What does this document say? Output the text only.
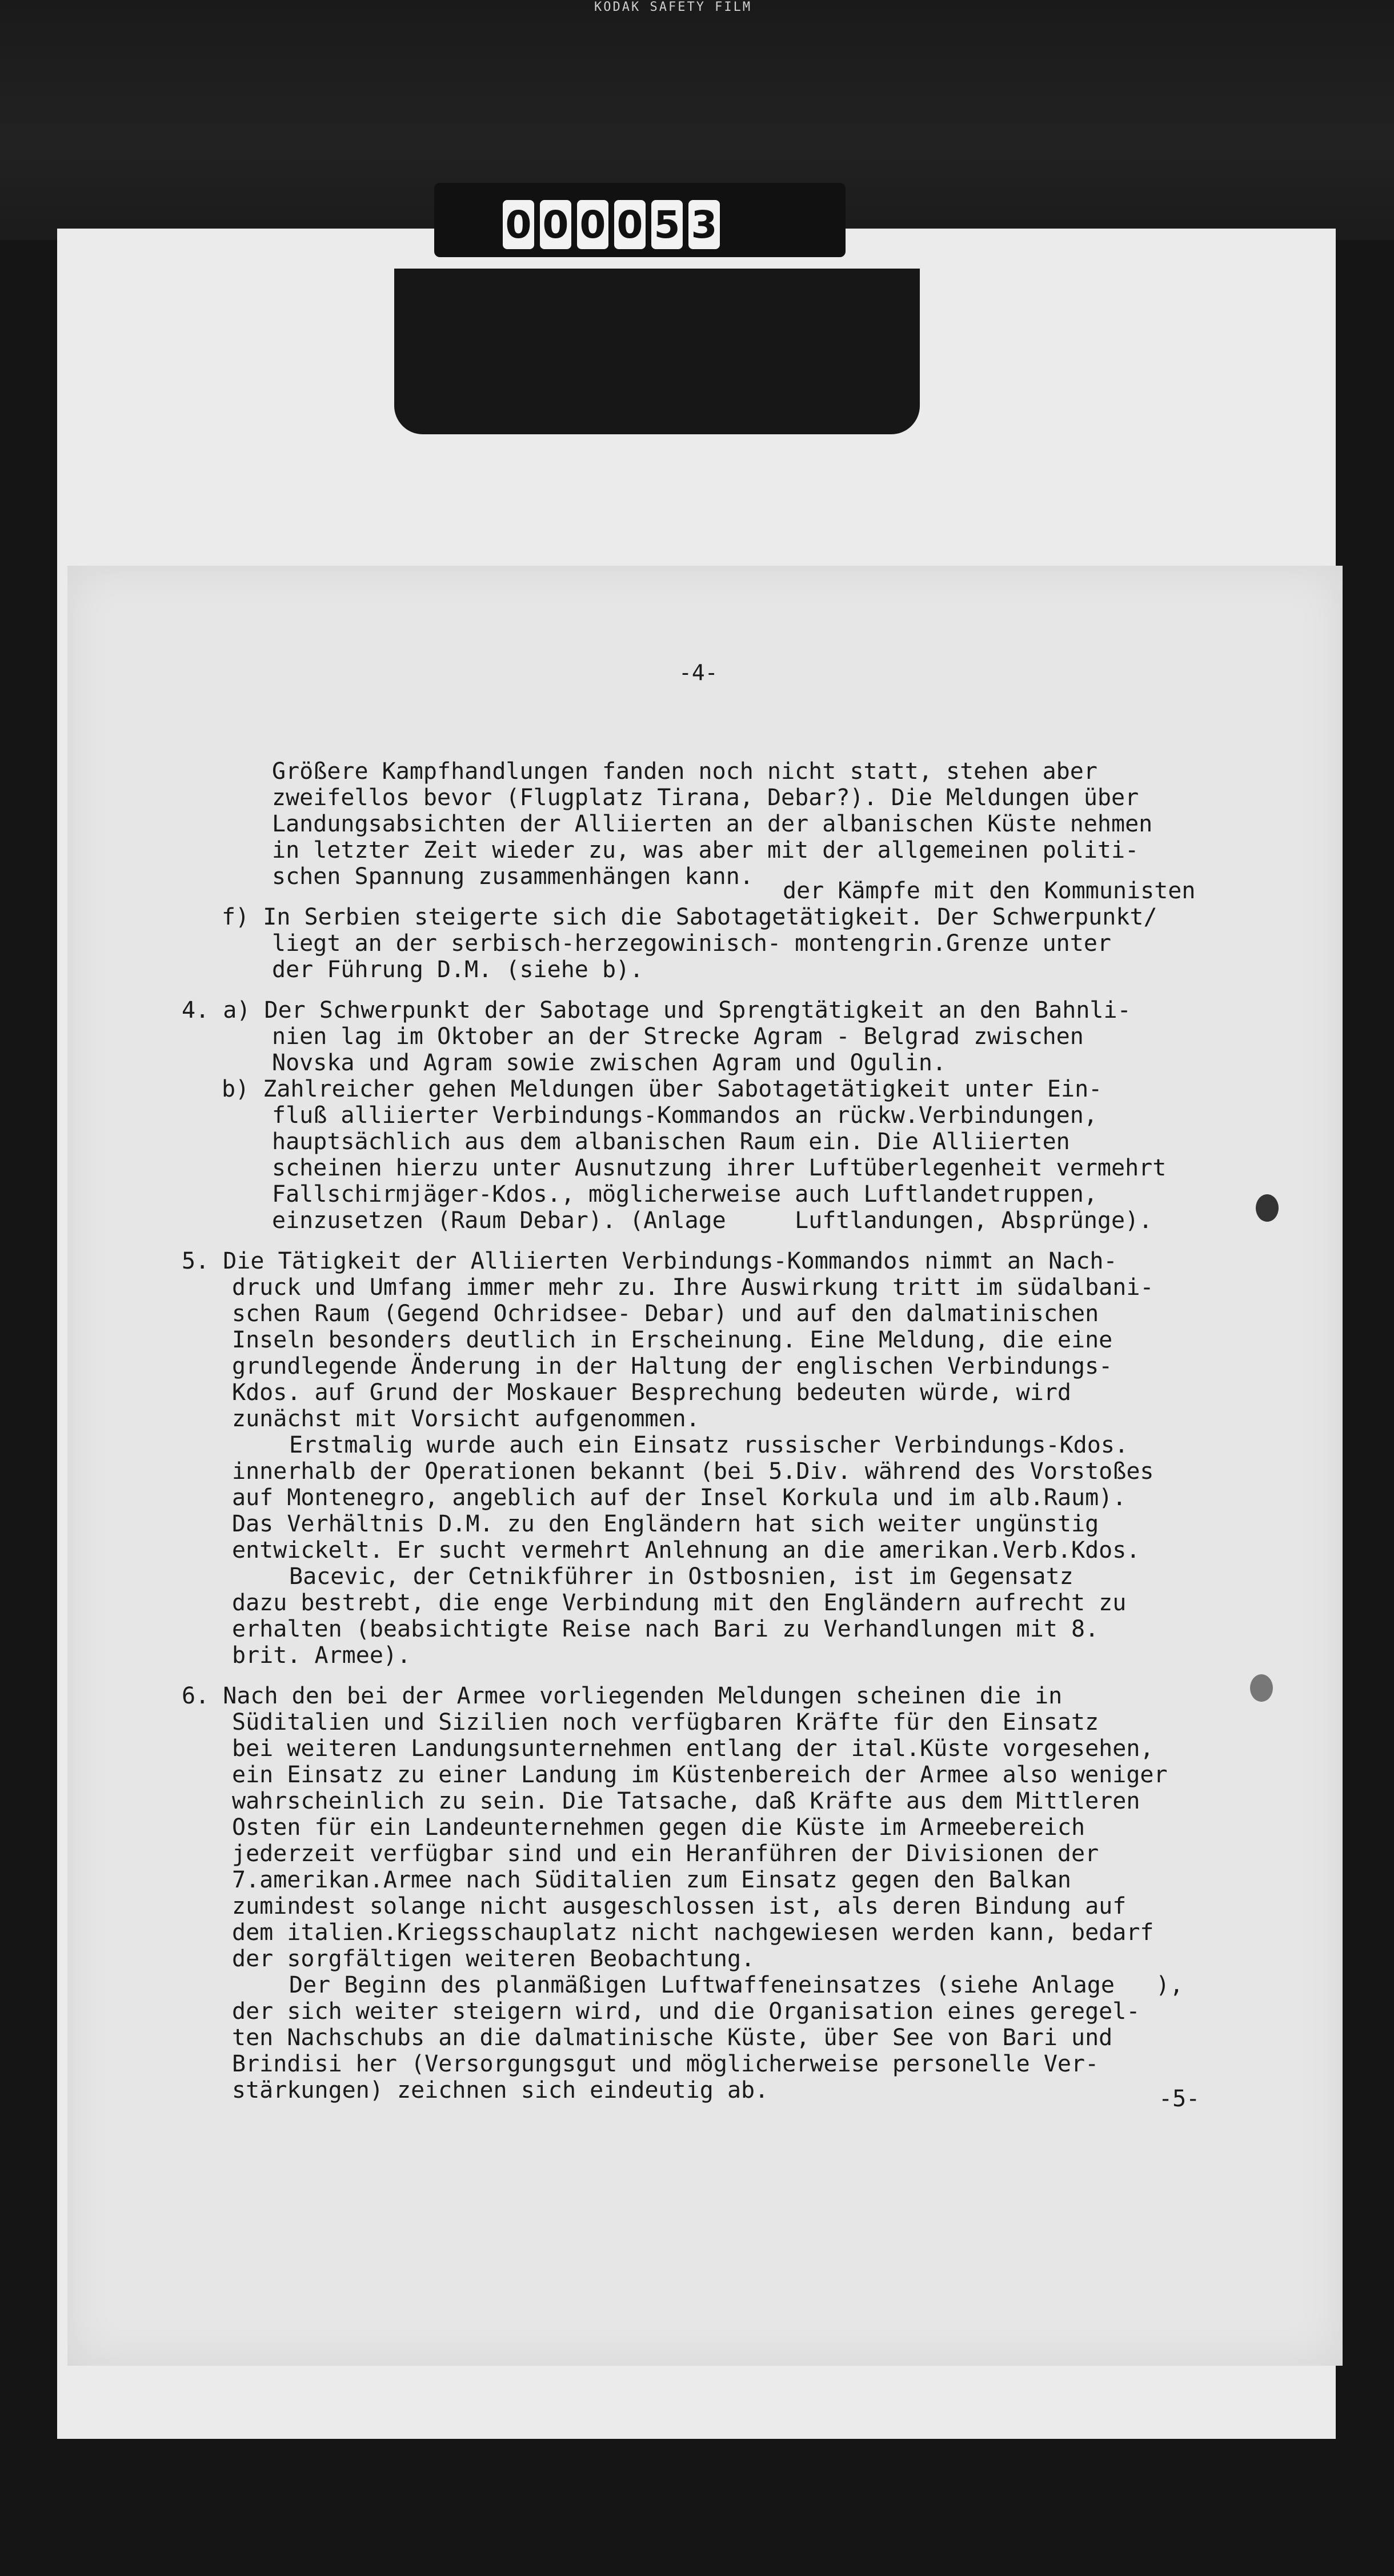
KODAK SAFETY FILM
0 0 0 0 5 3
-4-
Größere Kampfhandlungen fanden noch nicht statt, stehen aber
zweifellos bevor (Flugplatz Tirana, Debar?). Die Meldungen über
Landungsabsichten der Alliierten an der albanischen Küste nehmen
in letzter Zeit wieder zu, was aber mit der allgemeinen politi-
schen Spannung zusammenhängen kann.
der Kämpfe mit den Kommunisten
f) In Serbien steigerte sich die Sabotagetätigkeit. Der Schwerpunkt/
liegt an der serbisch-herzegowinisch- montengrin.Grenze unter
der Führung D.M. (siehe b).
4. a) Der Schwerpunkt der Sabotage und Sprengtätigkeit an den Bahnli-
nien lag im Oktober an der Strecke Agram - Belgrad zwischen
Novska und Agram sowie zwischen Agram und Ogulin.
b) Zahlreicher gehen Meldungen über Sabotagetätigkeit unter Ein-
fluß alliierter Verbindungs-Kommandos an rückw.Verbindungen,
hauptsächlich aus dem albanischen Raum ein. Die Alliierten
scheinen hierzu unter Ausnutzung ihrer Luftüberlegenheit vermehrt
Fallschirmjäger-Kdos., möglicherweise auch Luftlandetruppen,
einzusetzen (Raum Debar). (Anlage     Luftlandungen, Absprünge).
5. Die Tätigkeit der Alliierten Verbindungs-Kommandos nimmt an Nach-
druck und Umfang immer mehr zu. Ihre Auswirkung tritt im südalbani-
schen Raum (Gegend Ochridsee- Debar) und auf den dalmatinischen
Inseln besonders deutlich in Erscheinung. Eine Meldung, die eine
grundlegende Änderung in der Haltung der englischen Verbindungs-
Kdos. auf Grund der Moskauer Besprechung bedeuten würde, wird
zunächst mit Vorsicht aufgenommen.
Erstmalig wurde auch ein Einsatz russischer Verbindungs-Kdos.
innerhalb der Operationen bekannt (bei 5.Div. während des Vorstoßes
auf Montenegro, angeblich auf der Insel Korkula und im alb.Raum).
Das Verhältnis D.M. zu den Engländern hat sich weiter ungünstig
entwickelt. Er sucht vermehrt Anlehnung an die amerikan.Verb.Kdos.
Bacevic, der Cetnikführer in Ostbosnien, ist im Gegensatz
dazu bestrebt, die enge Verbindung mit den Engländern aufrecht zu
erhalten (beabsichtigte Reise nach Bari zu Verhandlungen mit 8.
brit. Armee).
6. Nach den bei der Armee vorliegenden Meldungen scheinen die in
Süditalien und Sizilien noch verfügbaren Kräfte für den Einsatz
bei weiteren Landungsunternehmen entlang der ital.Küste vorgesehen,
ein Einsatz zu einer Landung im Küstenbereich der Armee also weniger
wahrscheinlich zu sein. Die Tatsache, daß Kräfte aus dem Mittleren
Osten für ein Landeunternehmen gegen die Küste im Armeebereich
jederzeit verfügbar sind und ein Heranführen der Divisionen der
7.amerikan.Armee nach Süditalien zum Einsatz gegen den Balkan
zumindest solange nicht ausgeschlossen ist, als deren Bindung auf
dem italien.Kriegsschauplatz nicht nachgewiesen werden kann, bedarf
der sorgfältigen weiteren Beobachtung.
Der Beginn des planmäßigen Luftwaffeneinsatzes (siehe Anlage   ),
der sich weiter steigern wird, und die Organisation eines geregel-
ten Nachschubs an die dalmatinische Küste, über See von Bari und
Brindisi her (Versorgungsgut und möglicherweise personelle Ver-
stärkungen) zeichnen sich eindeutig ab.	-5-
